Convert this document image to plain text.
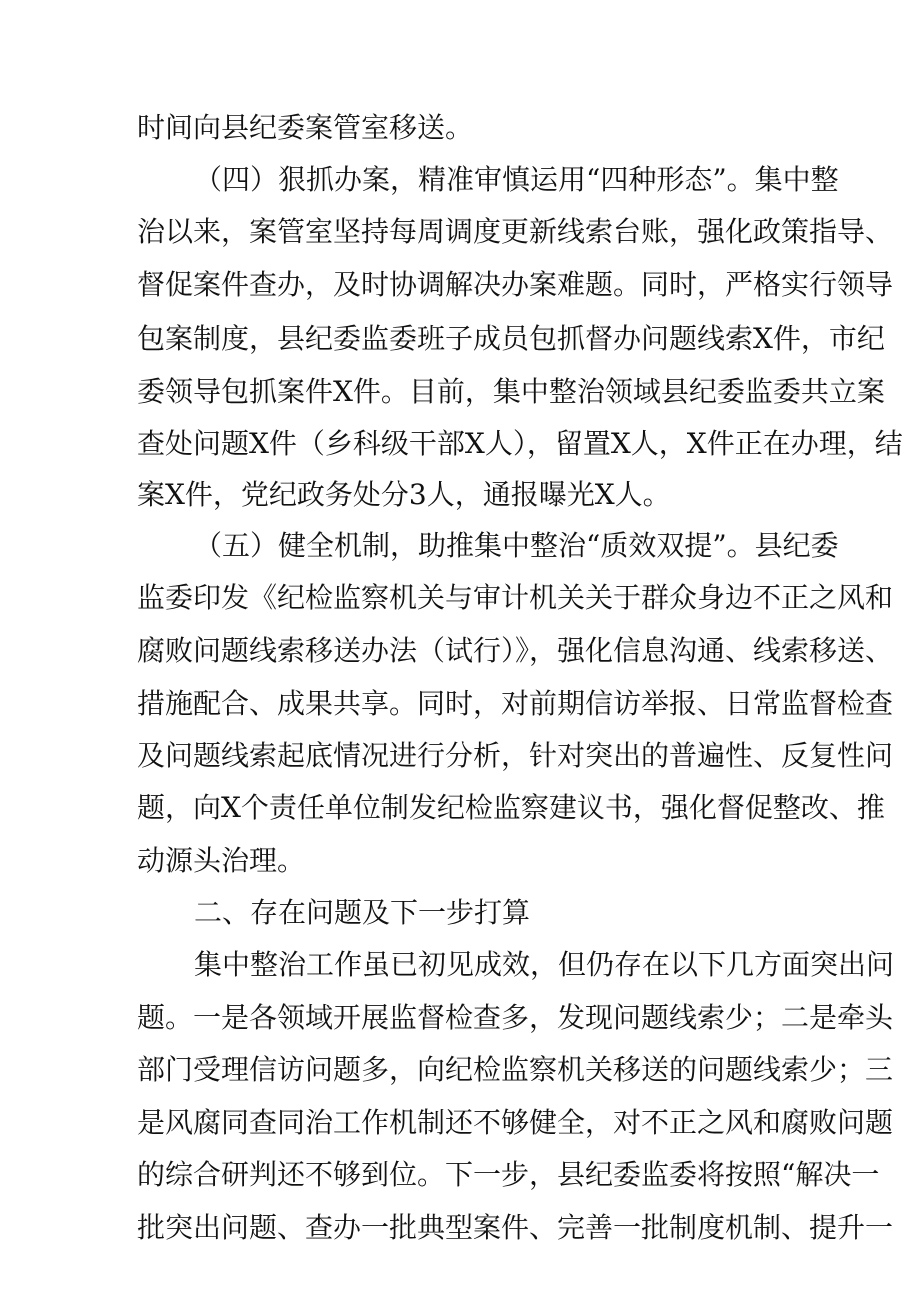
时间向县纪委案管室移送。
（四）狠抓办案，精准审慎运用“四种形态”。集中整
治以来，案管室坚持每周调度更新线索台账，强化政策指导、
督促案件查办，及时协调解决办案难题。同时，严格实行领导
包案制度，县纪委监委班子成员包抓督办问题线索X件，市纪
委领导包抓案件X件。目前，集中整治领域县纪委监委共立案
查处问题X件（乡科级干部X人），留置X人，X件正在办理，结
案X件，党纪政务处分3人，通报曝光X人。
（五）健全机制，助推集中整治“质效双提”。县纪委
监委印发《纪检监察机关与审计机关关于群众身边不正之风和
腐败问题线索移送办法（试行）》，强化信息沟通、线索移送、
措施配合、成果共享。同时，对前期信访举报、日常监督检查
及问题线索起底情况进行分析，针对突出的普遍性、反复性问
题，向X个责任单位制发纪检监察建议书，强化督促整改、推
动源头治理。
二、存在问题及下一步打算
集中整治工作虽已初见成效，但仍存在以下几方面突出问
题。一是各领域开展监督检查多，发现问题线索少；二是牵头
部门受理信访问题多，向纪检监察机关移送的问题线索少；三
是风腐同查同治工作机制还不够健全，对不正之风和腐败问题
的综合研判还不够到位。下一步，县纪委监委将按照“解决一
批突出问题、查办一批典型案件、完善一批制度机制、提升一
